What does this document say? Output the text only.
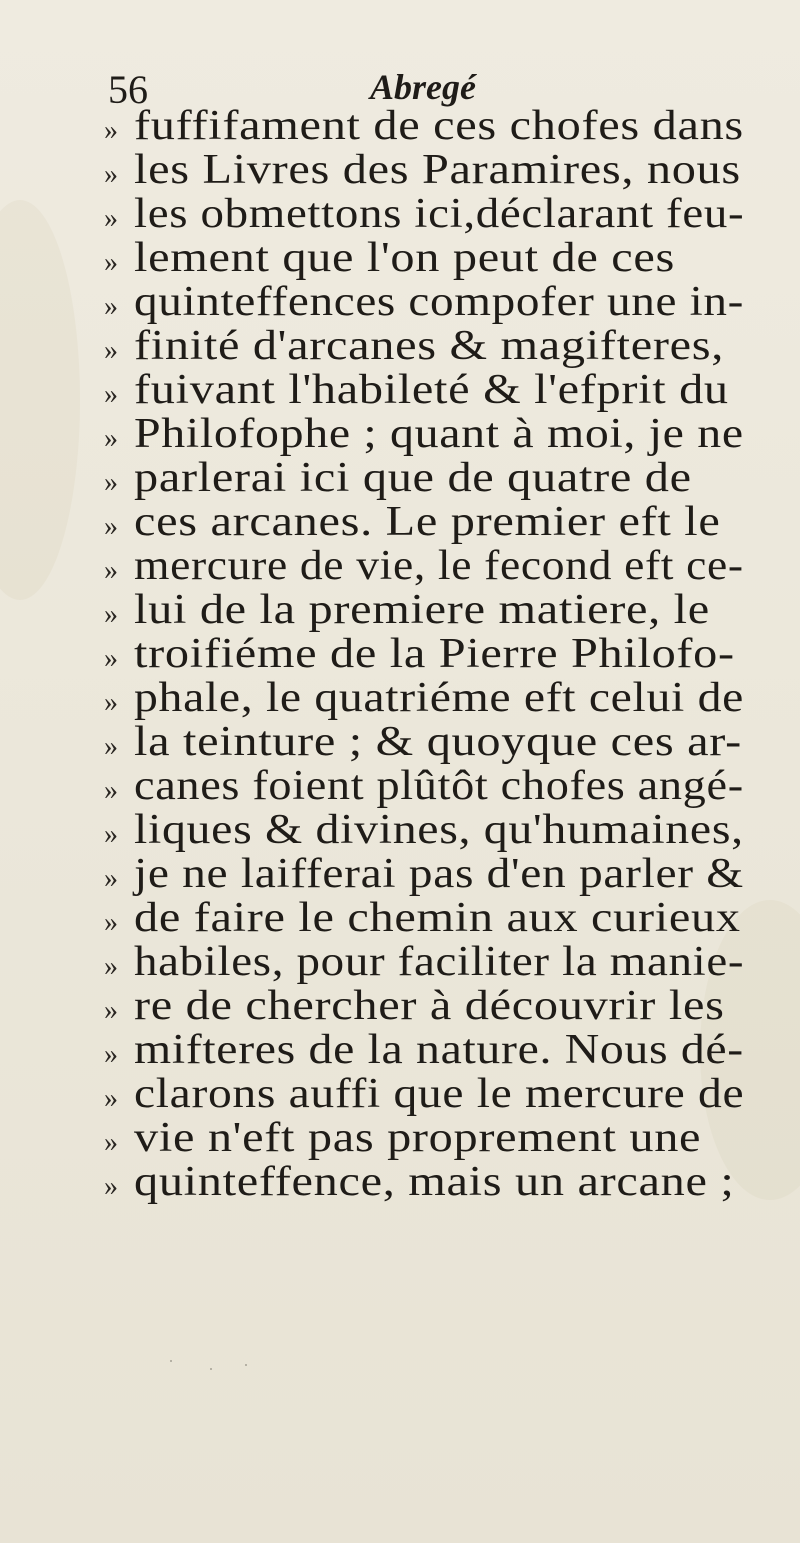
56	Abregé
» fuffifament de ces chofes dans
» les Livres des Paramires, nous
» les obmettons ici,déclarant feu-
» lement que l'on peut de ces
» quinteffences compofer une in-
» finité d'arcanes & magifteres,
» fuivant l'habileté & l'efprit du
» Philofophe ; quant à moi, je ne
» parlerai ici que de quatre de
» ces arcanes. Le premier eft le
» mercure de vie, le fecond eft ce-
» lui de la premiere matiere, le
» troifiéme de la Pierre Philofo-
» phale, le quatriéme eft celui de
» la teinture ; & quoyque ces ar-
» canes foient plûtôt chofes angé-
» liques & divines, qu'humaines,
» je ne laifferai pas d'en parler &
» de faire le chemin aux curieux
» habiles, pour faciliter la manie-
» re de chercher à découvrir les
» mifteres de la nature. Nous dé-
» clarons auffi que le mercure de
» vie n'eft pas proprement une
» quinteffence, mais un arcane ;
